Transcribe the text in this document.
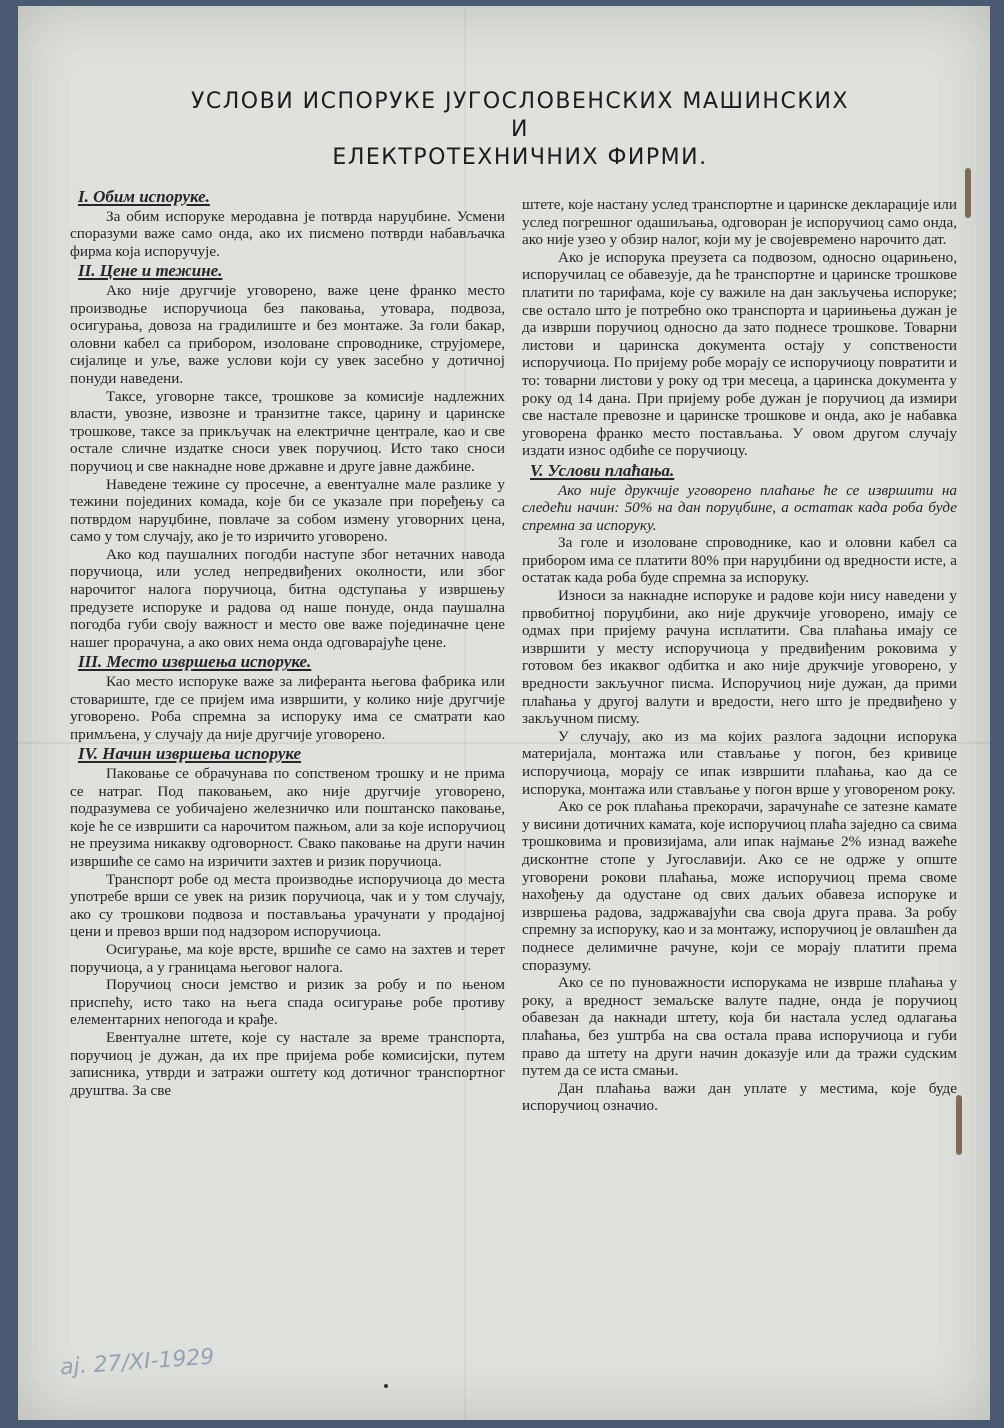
УСЛОВИ ИСПОРУКЕ ЈУГОСЛОВЕНСКИХ МАШИНСКИХ
И
ЕЛЕКТРОТЕХНИЧНИХ ФИРМИ.
I. Обим испоруке.

За обим испоруке меродавна је потврда наруџбине. Усмени споразуми важе само онда, ако их писмено потврди набављачка фирма која испоручује.

II. Цене и тежине.

Ако није другчије уговорено, важе цене франко место производње испоручиоца без паковања, утовара, подвоза, осигурања, довоза на градилиште и без монтаже. За голи бакар, оловни кабел са прибором, изоловане спроводнике, струјомере, сијалице и уље, важе услови који су увек засебно у дотичној понуди наведени.

Таксе, уговорне таксе, трошкове за комисије надлежних власти, увозне, извозне и транзитне таксе, царину и царинске трошкове, таксе за прикључак на електричне централе, као и све остале сличне издатке сноси увек поручиоц. Исто тако сноси поручиоц и све накнадне нове државне и друге јавне дажбине.

Наведене тежине су просечне, а евентуалне мале разлике у тежини појединих комада, које би се указале при поређењу са потврдом наруџбине, повлаче за собом измену уговорних цена, само у том случају, ако је то изричито уговорено.

Ако код паушалних погодби наступе због нетачних навода поручиоца, или услед непредвиђених околности, или због нарочитог налога поручиоца, битна одступања у извршењу предузете испоруке и радова од наше понуде, онда паушална погодба губи своју важност и место ове важе појединачне цене нашег прорачуна, а ако ових нема онда одговарајуће цене.

III. Место извршења испоруке.

Као место испоруке важе за лиферанта његова фабрика или стовариште, где се пријем има извршити, у колико није другчије уговорено. Роба спремна за испоруку има се сматрати као примљена, у случају да није другчије уговорено.

IV. Начин извршења испоруке

Паковање се обрачунава по сопственом трошку и не прима се натраг. Под паковањем, ако није другчије уговорено, подразумева се уобичајено железничко или поштанско паковање, које ће се извршити са нарочитом пажњом, али за које испоручиоц не преузима никакву одговорност. Свако паковање на други начин извршиће се само на изричити захтев и ризик поручиоца.

Транспорт робе од места производње испоручиоца до места употребе врши се увек на ризик поручиоца, чак и у том случају, ако су трошкови подвоза и постављања урачунати у продајној цени и превоз врши под надзором испоручиоца.

Осигурање, ма које врсте, вршиће се само на захтев и терет поручиоца, а у границама његовог налога.

Поручиоц сноси јемство и ризик за робу и по њеном приспећу, исто тако на њега спада осигурање робе противу елементарних непогода и крађе.

Евентуалне штете, које су настале за време транспорта, поручиоц је дужан, да их пре пријема робе комисијски, путем записника, утврди и затражи оштету код дотичног транспортног друштва. За све

штете, које настану услед транспортне и царинске декларације или услед погрешног одашиљања, одговоран је испоручиоц само онда, ако није узео у обзир налог, који му је својевремено нарочито дат.

Ако је испорука преузета са подвозом, односно оцарињено, испоручилац се обавезује, да ће транспортне и царинске трошкове платити по тарифама, које су важиле на дан закључења испоруке; све остало што је потребно око транспорта и цариињења дужан је да изврши поручиоц односно да зато поднесе трошкове. Товарни листови и царинска документа остају у сопствености испоручиоца. По пријему робе морају се испоручиоцу повратити и то: товарни листови у року од три месеца, а царинска документа у року од 14 дана. При пријему робе дужан је поручиоц да измири све настале превозне и царинске трошкове и онда, ако је набавка уговорена франко место постављања. У овом другом случају издати износ одбиће се поручиоцу.

V. Услови плаћања.

Ако није друкчије уговорено плаћање ће се извршити на следећи начин: 50% на дан поруџбине, а остатак када роба буде спремна за испоруку.

За голе и изоловане спроводнике, као и оловни кабел са прибором има се платити 80% при наруџбини од вредности исте, а остатак када роба буде спремна за испоруку.

Износи за накнадне испоруке и радове који нису наведени у првобитној поруџбини, ако није друкчије уговорено, имају се одмах при пријему рачуна исплатити. Сва плаћања имају се извршити у месту испоручиоца у предвиђеним роковима у готовом без икаквог одбитка и ако није друкчије уговорено, у вредности закључног писма. Испоручиоц није дужан, да прими плаћања у другој валути и вредости, него што је предвиђено у закључном писму.

У случају, ако из ма којих разлога задоцни испорука материјала, монтажа или стављање у погон, без кривице испоручиоца, морају се ипак извршити плаћања, као да се испорука, монтажа или стављање у погон врше у уговореном року.

Ако се рок плаћања прекорачи, зарачунаће се затезне камате у висини дотичних камата, које испоручиоц плаћа заједно са свима трошковима и провизијама, али ипак најмање 2% изнад важеће дисконтне стопе у Југославији. Ако се не одрже у опште уговорени рокови плаћања, може испоручиоц према своме нахођењу да одустане од свих даљих обавеза испоруке и извршења радова, задржавајући сва своја друга права. За робу спремну за испоруку, као и за монтажу, испоручиоц је овлашћен да поднесе делимичне рачуне, који се морају платити према споразуму.

Ако се по пуноважности испорукама не изврше плаћања у року, а вредност земаљске валуте падне, онда је поручиоц обавезан да накнади штету, која би настала услед одлагања плаћања, без уштрба на сва остала права испоручиоца и губи право да штету на други начин доказује или да тражи судским путем да се иста смањи.

Дан плаћања важи дан уплате у местима, које буде испоручиоц означио.

ај. 27/XI-1929
